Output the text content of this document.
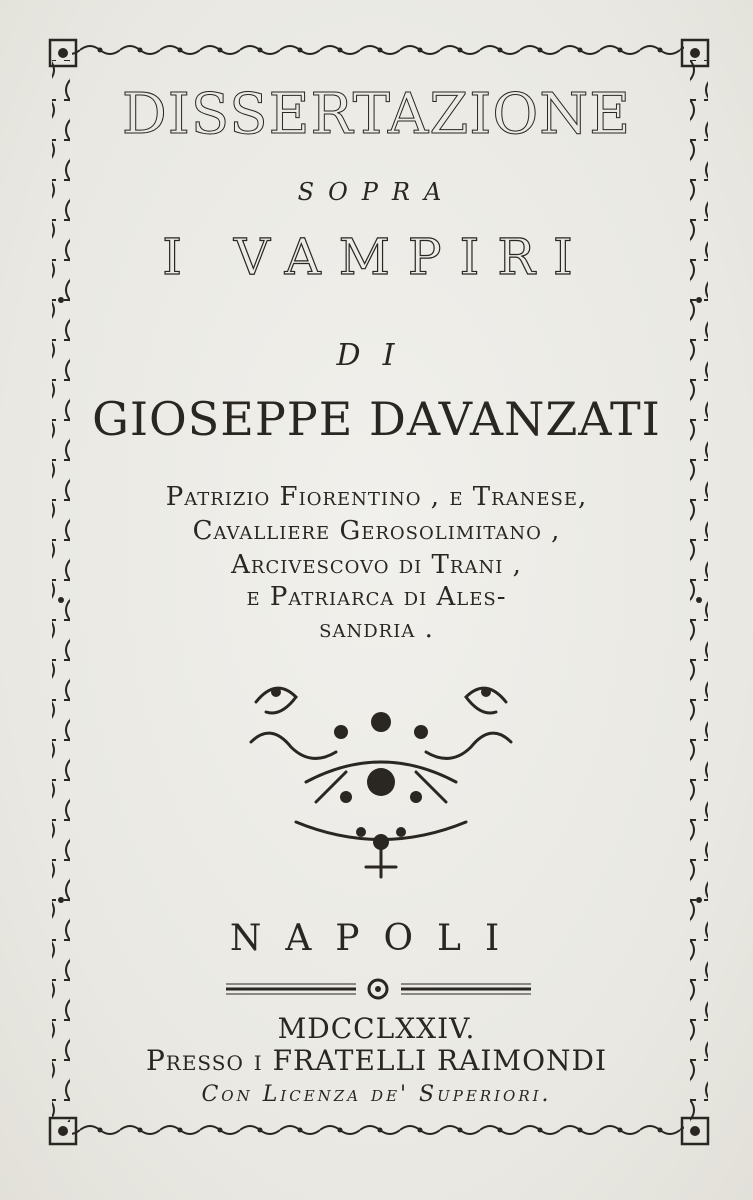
DISSERTAZIONE
SOPRA
I VAMPIRI
DI
GIOSEPPE DAVANZATI
Patrizio Fiorentino , e Tranese,
Cavalliere Gerosolimitano ,
Arcivescovo di Trani ,
e Patriarca di Ales-
sandria .
NAPOLI
MDCCLXXIV.
Presso i FRATELLI RAIMONDI
Con Licenza de' Superiori.
